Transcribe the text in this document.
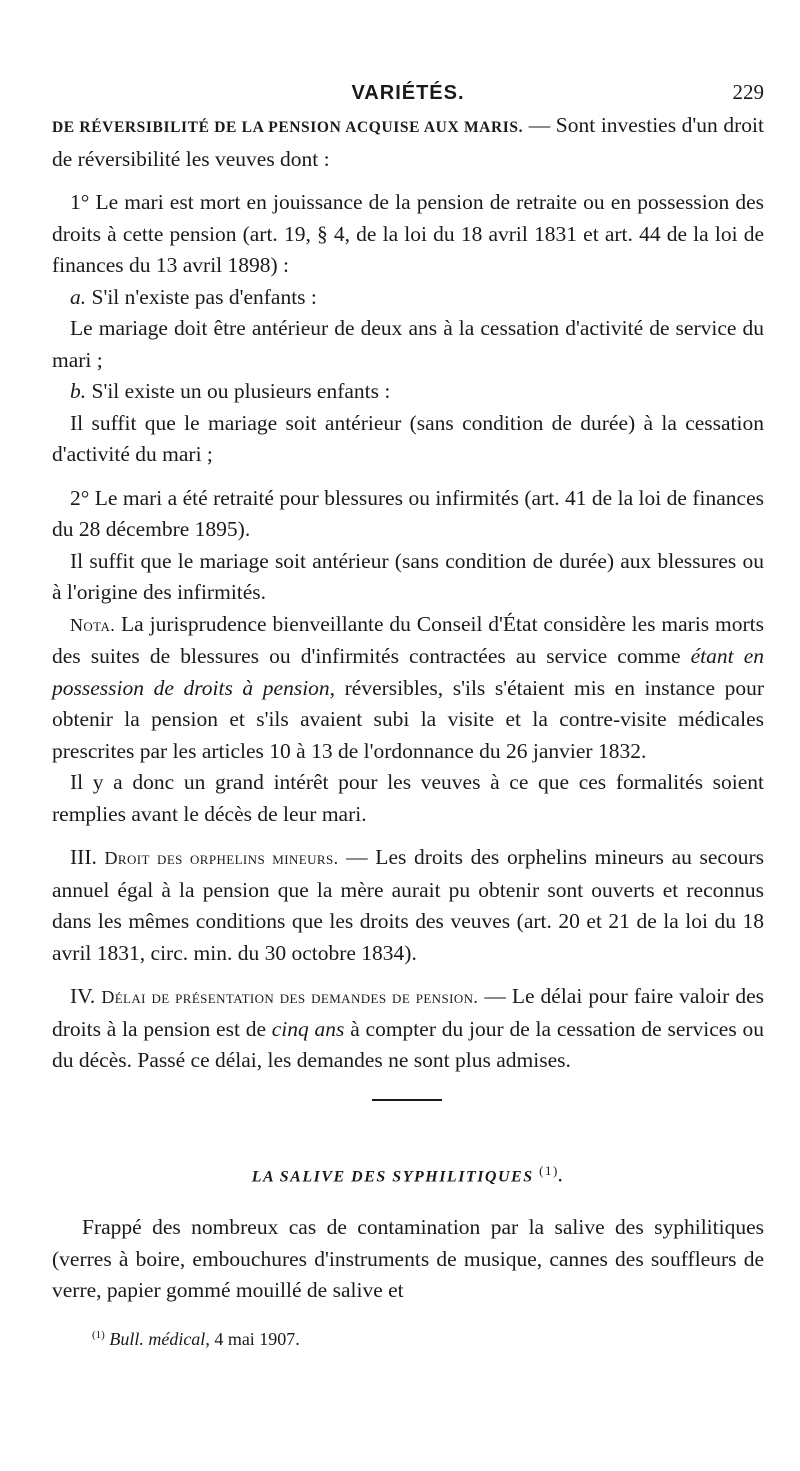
VARIÉTÉS.	229

DE RÉVERSIBILITÉ DE LA PENSION ACQUISE AUX MARIS. — Sont investies d'un droit de réversibilité les veuves dont :

1° Le mari est mort en jouissance de la pension de retraite ou en possession des droits à cette pension (art. 19, § 4, de la loi du 18 avril 1831 et art. 44 de la loi de finances du 13 avril 1898) :

a. S'il n'existe pas d'enfants :

Le mariage doit être antérieur de deux ans à la cessation d'activité de service du mari ;

b. S'il existe un ou plusieurs enfants :

Il suffit que le mariage soit antérieur (sans condition de durée) à la cessation d'activité du mari ;

2° Le mari a été retraité pour blessures ou infirmités (art. 41 de la loi de finances du 28 décembre 1895).

Il suffit que le mariage soit antérieur (sans condition de durée) aux blessures ou à l'origine des infirmités.

Nota. La jurisprudence bienveillante du Conseil d'État considère les maris morts des suites de blessures ou d'infirmités contractées au service comme étant en possession de droits à pension, réversibles, s'ils s'étaient mis en instance pour obtenir la pension et s'ils avaient subi la visite et la contre-visite médicales prescrites par les articles 10 à 13 de l'ordonnance du 26 janvier 1832.

Il y a donc un grand intérêt pour les veuves à ce que ces formalités soient remplies avant le décès de leur mari.

III. Droit des orphelins mineurs. — Les droits des orphelins mineurs au secours annuel égal à la pension que la mère aurait pu obtenir sont ouverts et reconnus dans les mêmes conditions que les droits des veuves (art. 20 et 21 de la loi du 18 avril 1831, circ. min. du 30 octobre 1834).

IV. Délai de présentation des demandes de pension. — Le délai pour faire valoir des droits à la pension est de cinq ans à compter du jour de la cessation de services ou du décès. Passé ce délai, les demandes ne sont plus admises.

LA SALIVE DES SYPHILITIQUES $^{(1)}$.

Frappé des nombreux cas de contamination par la salive des syphilitiques (verres à boire, embouchures d'instruments de musique, cannes des souffleurs de verre, papier gommé mouillé de salive et

$^{(1)}$ Bull. médical, 4 mai 1907.
